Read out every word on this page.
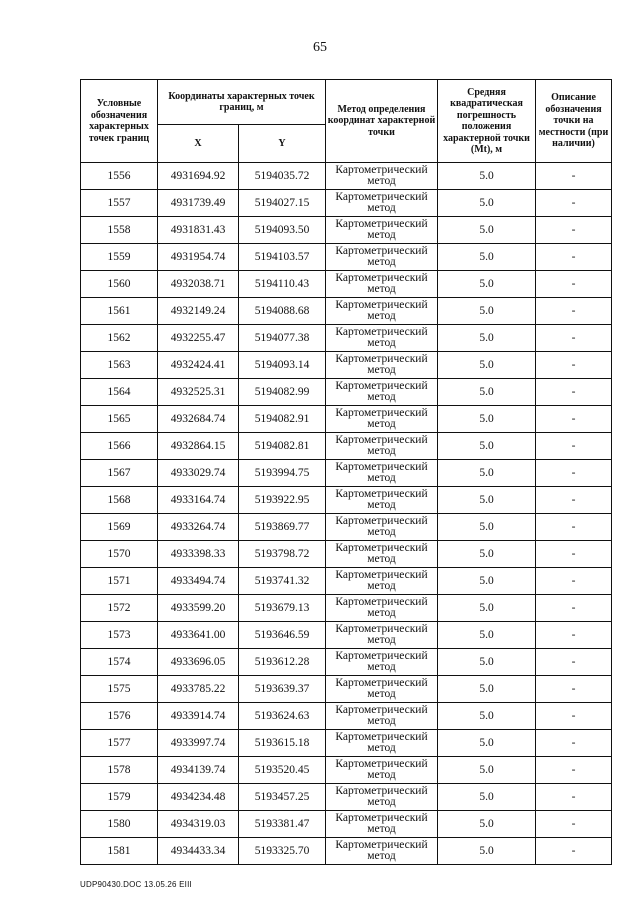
65
Условные обозначения характерных точек границ	Координаты характерных точек границ, м		Метод определения координат характерной точки	Средняя квадратическая погрешность положения характерной точки (Mt), м	Описание обозначения точки на местности (при наличии)
	X	Y			
1556	4931694.92	5194035.72	Картометрический метод	5.0	-
1557	4931739.49	5194027.15	Картометрический метод	5.0	-
1558	4931831.43	5194093.50	Картометрический метод	5.0	-
1559	4931954.74	5194103.57	Картометрический метод	5.0	-
1560	4932038.71	5194110.43	Картометрический метод	5.0	-
1561	4932149.24	5194088.68	Картометрический метод	5.0	-
1562	4932255.47	5194077.38	Картометрический метод	5.0	-
1563	4932424.41	5194093.14	Картометрический метод	5.0	-
1564	4932525.31	5194082.99	Картометрический метод	5.0	-
1565	4932684.74	5194082.91	Картометрический метод	5.0	-
1566	4932864.15	5194082.81	Картометрический метод	5.0	-
1567	4933029.74	5193994.75	Картометрический метод	5.0	-
1568	4933164.74	5193922.95	Картометрический метод	5.0	-
1569	4933264.74	5193869.77	Картометрический метод	5.0	-
1570	4933398.33	5193798.72	Картометрический метод	5.0	-
1571	4933494.74	5193741.32	Картометрический метод	5.0	-
1572	4933599.20	5193679.13	Картометрический метод	5.0	-
1573	4933641.00	5193646.59	Картометрический метод	5.0	-
1574	4933696.05	5193612.28	Картометрический метод	5.0	-
1575	4933785.22	5193639.37	Картометрический метод	5.0	-
1576	4933914.74	5193624.63	Картометрический метод	5.0	-
1577	4933997.74	5193615.18	Картометрический метод	5.0	-
1578	4934139.74	5193520.45	Картометрический метод	5.0	-
1579	4934234.48	5193457.25	Картометрический метод	5.0	-
1580	4934319.03	5193381.47	Картометрический метод	5.0	-
1581	4934433.34	5193325.70	Картометрический метод	5.0	-
UDP90430.DOC 13.05.26 EIII
